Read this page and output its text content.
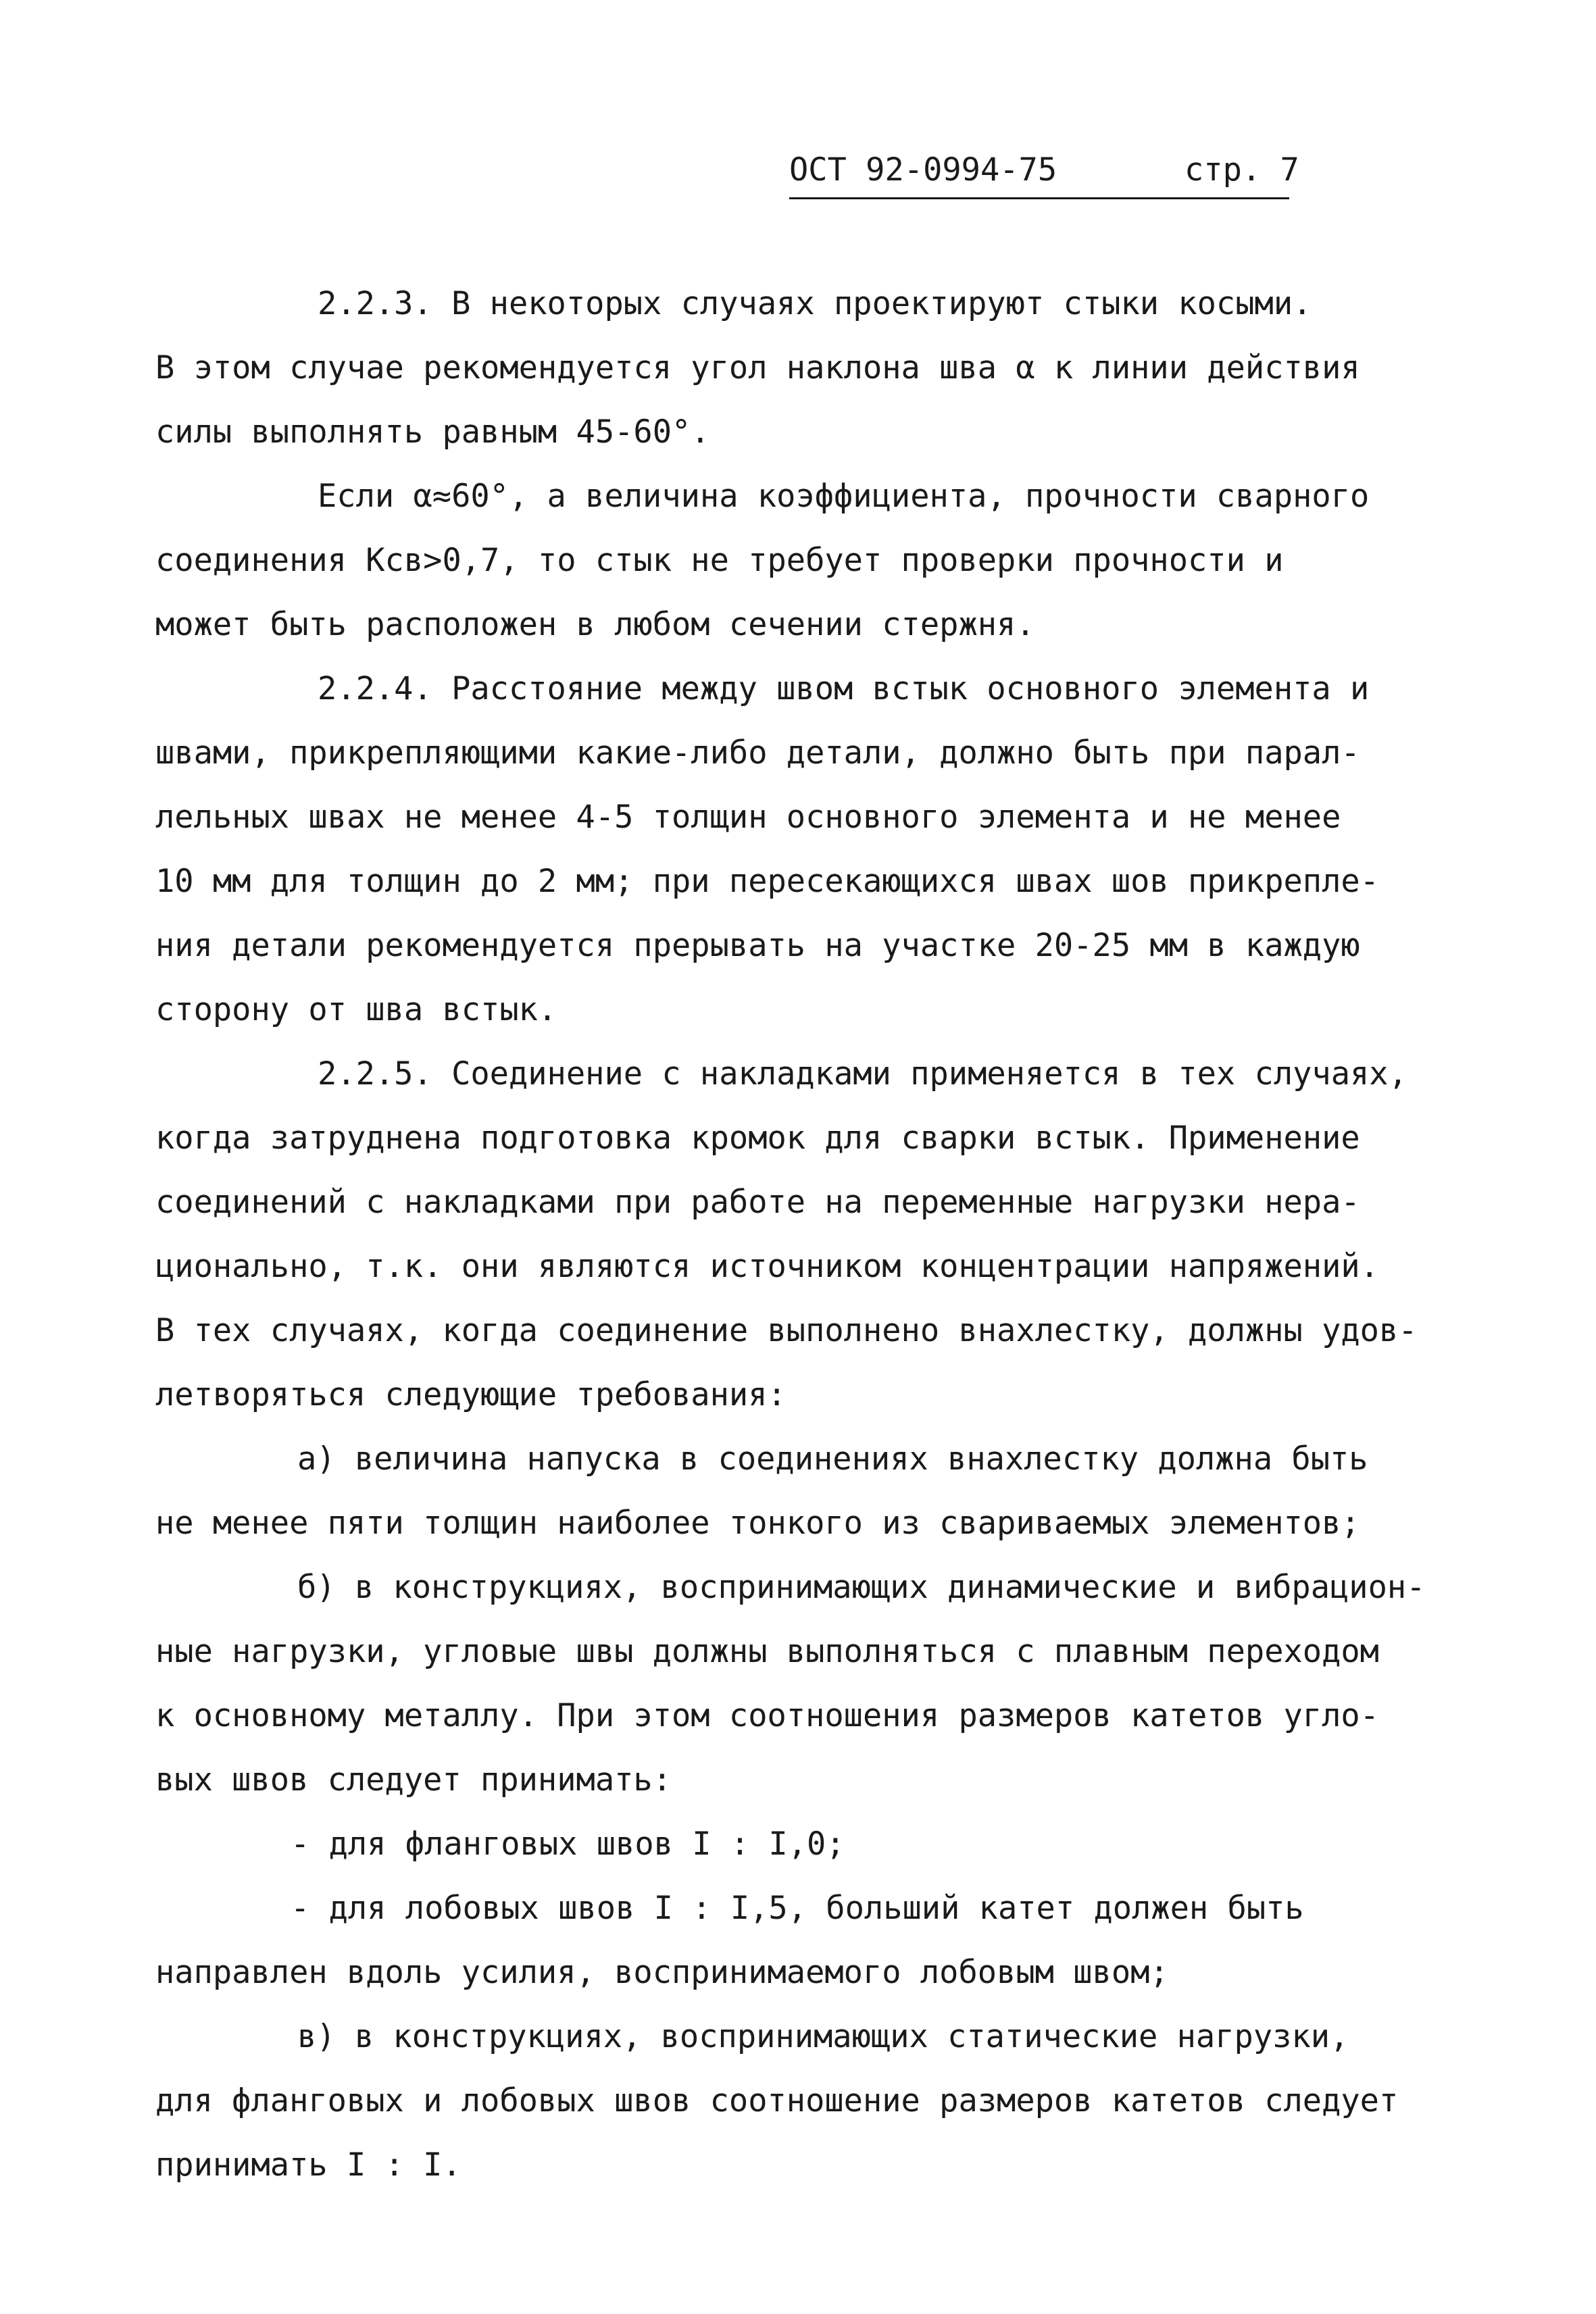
ОСТ 92-0994-75	стр. 7
2.2.3. В некоторых случаях проектируют стыки косыми.
В этом случае рекомендуется угол наклона шва α к линии действия
силы выполнять равным 45-60°.
Если α≈60°, а величина коэффициента, прочности сварного
соединения Kсв>0,7, то стык не требует проверки прочности и
может быть расположен в любом сечении стержня.
2.2.4. Расстояние между швом встык основного элемента и
швами, прикрепляющими какие-либо детали, должно быть при парал-
лельных швах не менее 4-5 толщин основного элемента и не менее
10 мм для толщин до 2 мм; при пересекающихся швах шов прикрепле-
ния детали рекомендуется прерывать на участке 20-25 мм в каждую
сторону от шва встык.
2.2.5. Соединение с накладками применяется в тех случаях,
когда затруднена подготовка кромок для сварки встык. Применение
соединений с накладками при работе на переменные нагрузки нера-
ционально, т.к. они являются источником концентрации напряжений.
В тех случаях, когда соединение выполнено внахлестку, должны удов-
летворяться следующие требования:
а) величина напуска в соединениях внахлестку должна быть
не менее пяти толщин наиболее тонкого из свариваемых элементов;
б) в конструкциях, воспринимающих динамические и вибрацион-
ные нагрузки, угловые швы должны выполняться с плавным переходом
к основному металлу. При этом соотношения размеров катетов угло-
вых швов следует принимать:
- для фланговых швов I : I,0;
- для лобовых швов I : I,5, больший катет должен быть
направлен вдоль усилия, воспринимаемого лобовым швом;
в) в конструкциях, воспринимающих статические нагрузки,
для фланговых и лобовых швов соотношение размеров катетов следует
принимать I : I.
